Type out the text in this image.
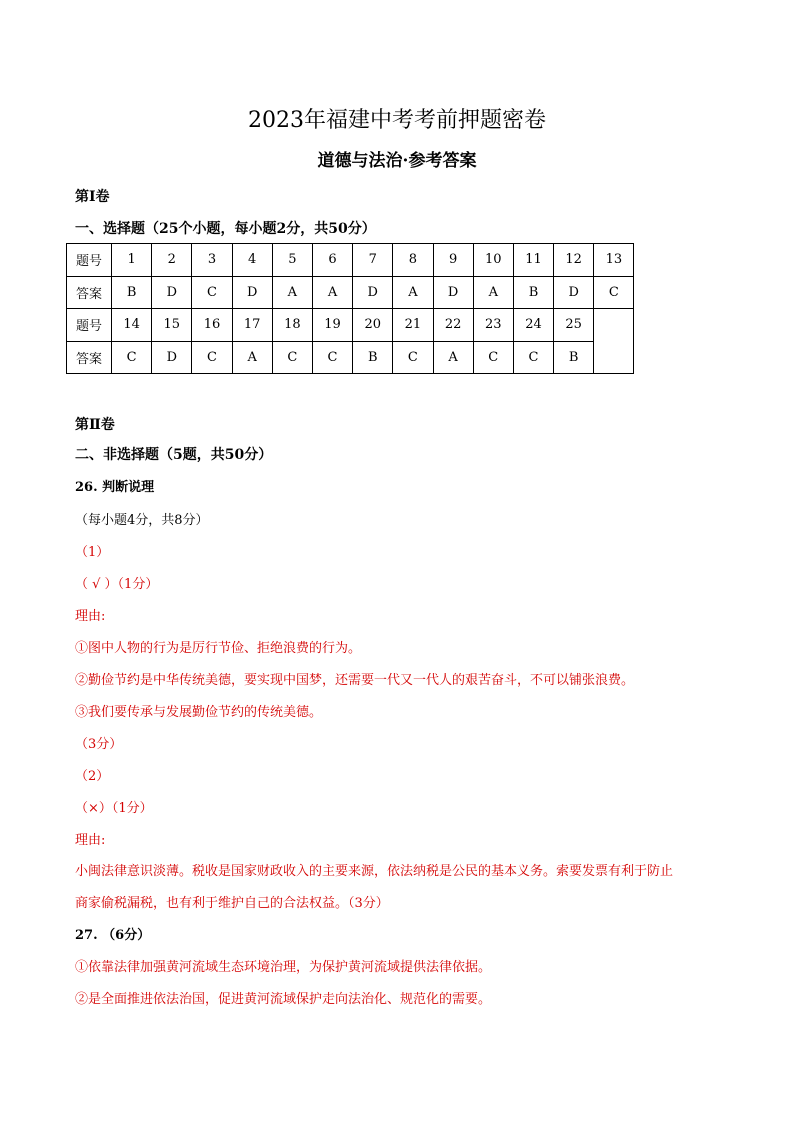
2023年福建中考考前押题密卷
道德与法治·参考答案
第Ⅰ卷
一、选择题（25个小题，每小题2分，共50分）
题号	1	2	3	4	5	6	7	8	9	10	11	12	13
答案	B	D	C	D	A	A	D	A	D	A	B	D	C
题号	14	15	16	17	18	19	20	21	22	23	24	25	
答案	C	D	C	A	C	C	B	C	A	C	C	B	
第Ⅱ卷
二、非选择题（5题，共50分）
26. 判断说理
（每小题4分，共8分）
（1）
（ √ ）（1分）
理由:
①图中人物的行为是厉行节俭、拒绝浪费的行为。
②勤俭节约是中华传统美德，要实现中国梦，还需要一代又一代人的艰苦奋斗，不可以铺张浪费。
③我们要传承与发展勤俭节约的传统美德。
（3分）
（2）
（×）（1分）
理由:
小闽法律意识淡薄。税收是国家财政收入的主要来源，依法纳税是公民的基本义务。索要发票有利于防止
商家偷税漏税，也有利于维护自己的合法权益。（3分）
27. （6分）
①依靠法律加强黄河流域生态环境治理，为保护黄河流域提供法律依据。
②是全面推进依法治国，促进黄河流域保护走向法治化、规范化的需要。
